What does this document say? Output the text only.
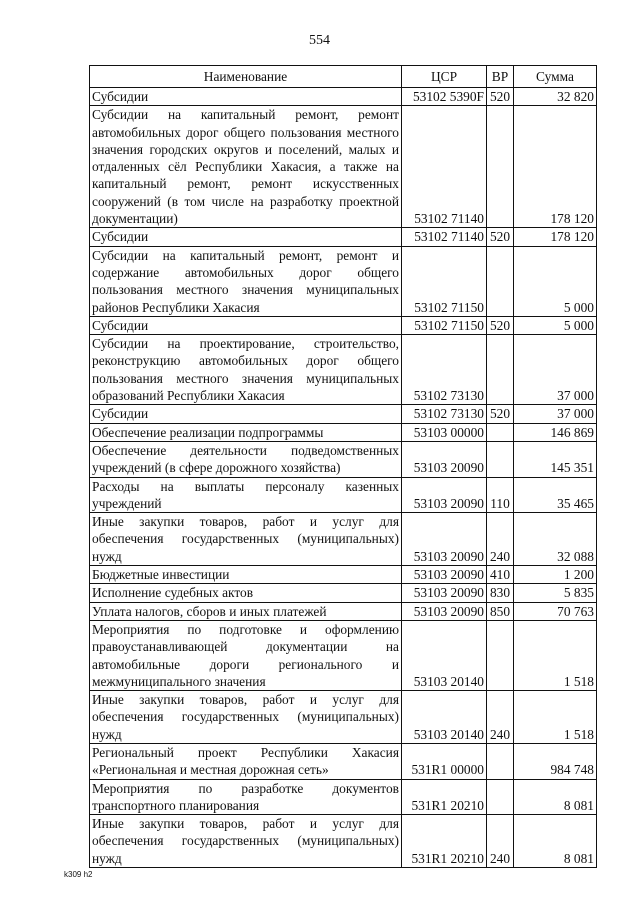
554
Наименование	ЦСР	ВР	Сумма
Субсидии	53102 5390F	520	32 820
Субсидии на капитальный ремонт, ремонт автомобильных дорог общего пользования местного значения городских округов и поселений, малых и отдаленных сёл Республики Хакасия, а также на капитальный ремонт, ремонт искусственных сооружений (в том числе на разработку проектной документации)	53102 71140		178 120
Субсидии	53102 71140	520	178 120
Субсидии на капитальный ремонт, ремонт и содержание автомобильных дорог общего пользования местного значения муниципальных районов Республики Хакасия	53102 71150		5 000
Субсидии	53102 71150	520	5 000
Субсидии на проектирование, строительство, реконструкцию автомобильных дорог общего пользования местного значения муниципальных образований Республики Хакасия	53102 73130		37 000
Субсидии	53102 73130	520	37 000
Обеспечение реализации подпрограммы	53103 00000		146 869
Обеспечение деятельности подведомственных учреждений (в сфере дорожного хозяйства)	53103 20090		145 351
Расходы на выплаты персоналу казенных учреждений	53103 20090	110	35 465
Иные закупки товаров, работ и услуг для обеспечения государственных (муниципальных) нужд	53103 20090	240	32 088
Бюджетные инвестиции	53103 20090	410	1 200
Исполнение судебных актов	53103 20090	830	5 835
Уплата налогов, сборов и иных платежей	53103 20090	850	70 763
Мероприятия по подготовке и оформлению правоустанавливающей документации на автомобильные дороги регионального и межмуниципального значения	53103 20140		1 518
Иные закупки товаров, работ и услуг для обеспечения государственных (муниципальных) нужд	53103 20140	240	1 518
Региональный проект Республики Хакасия «Региональная и местная дорожная сеть»	531R1 00000		984 748
Мероприятия по разработке документов транспортного планирования	531R1 20210		8 081
Иные закупки товаров, работ и услуг для обеспечения государственных (муниципальных) нужд	531R1 20210	240	8 081
k309 h2
